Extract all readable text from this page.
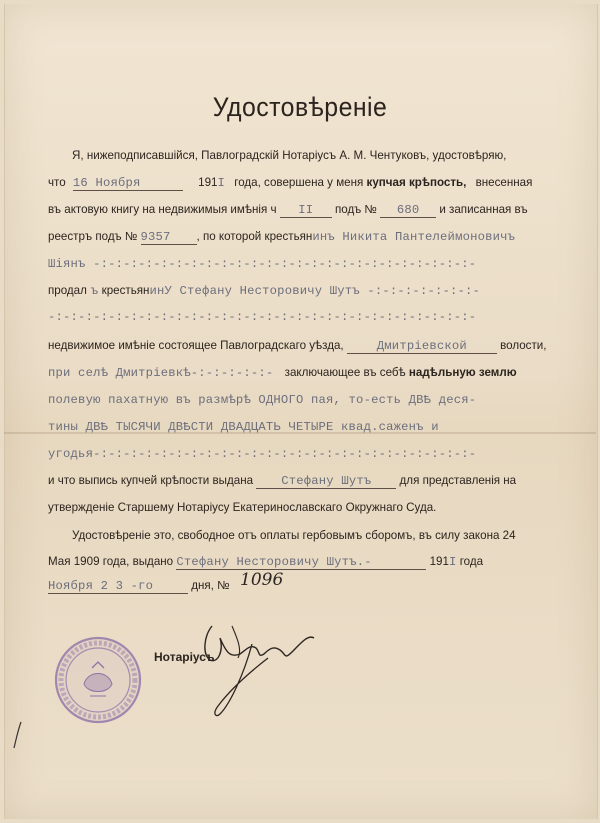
Удостовѣреніе
Я, нижеподписавшійся, Павлоградскій Нотаріусъ А. М. Чентуковъ, удостовѣряю,
что 16 Ноября	191I года, совершена у меня купчая крѣпость, внесенная
въ актовую книгу на недвижимыя имѣнія ч II подъ № 680 и записанная въ
реестръ подъ № 9357 , по которой крестьянинъ Никита Пантелеймоновичъ
Шiянъ -:-:-:-:-:-:-:-:-:-:-:-:-:-:-:-:-:-:-:-:-:-:-:-:-:-
продал ъ крестьянинУ Стефану Несторовичу Шутъ -:-:-:-:-:-:-:-
-:-:-:-:-:-:-:-:-:-:-:-:-:-:-:-:-:-:-:-:-:-:-:-:-:-:-:-:-
недвижимое имѣніе состоящее Павлоградскаго уѣзда,	Дмитріевской	волости,
при селѣ Дмитріевкѣ-:-:-:-:-:- заключающее въ себѣ надѣльную землю
полевую пахатную въ размѣрѣ ОДНОГО пая, то-есть ДВѢ деся-
тины ДВѢ ТЫСЯЧИ ДВѢСТИ ДВАДЦАТЬ ЧЕТЫРЕ квад.саженъ и
угодья-:-:-:-:-:-:-:-:-:-:-:-:-:-:-:-:-:-:-:-:-:-:-:-:-:-
и что выпись купчей крѣпости выдана Стефану Шутъ для представленія на
утвержденіе Старшему Нотаріусу Екатеринославскаго Окружнаго Суда.
Удостовѣреніе это, свободное отъ оплаты гербовымъ сборомъ, въ силу закона 24
Мая 1909 года, выдано Стефану Несторовичу Шутъ.-	191I года
Ноября 2 3 -го	дня, № 1096
Нотаріусъ
